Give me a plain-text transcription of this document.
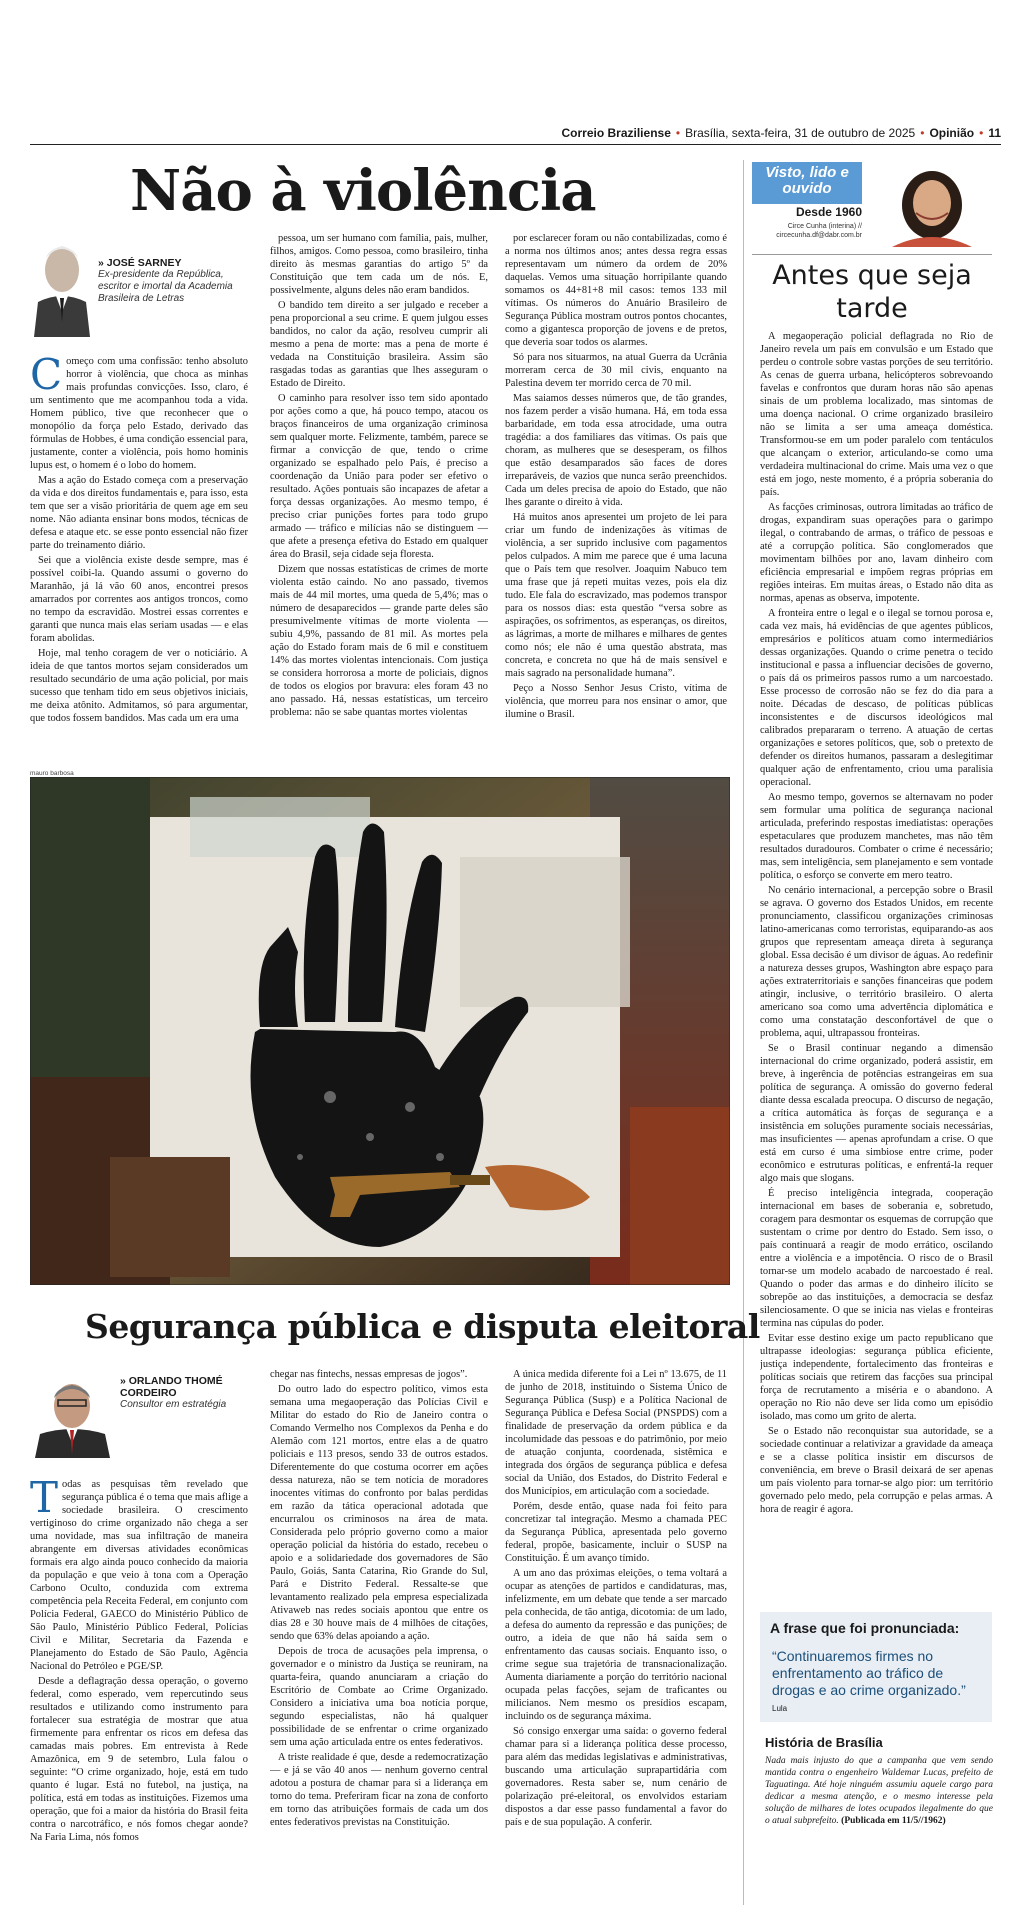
Correio Braziliense • Brasília, sexta-feira, 31 de outubro de 2025 • Opinião • 11
Não à violência
» JOSÉ SARNEY
Ex-presidente da República, escritor e imortal da Academia Brasileira de Letras
C omeço com uma confissão: tenho absoluto horror à violência, que choca as minhas mais profundas convicções. Isso, claro, é um sentimento que me acompanhou toda a vida. Homem público, tive que reconhecer que o monopólio da força pelo Estado, derivado das fórmulas de Hobbes, é uma condição essencial para, justamente, conter a violência, pois homo hominis lupus est, o homem é o lobo do homem.

Mas a ação do Estado começa com a preservação da vida e dos direitos fundamentais e, para isso, esta tem que ser a visão prioritária de quem age em seu nome. Não adianta ensinar bons modos, técnicas de defesa e ataque etc. se esse ponto essencial não fizer parte do treinamento diário.

Sei que a violência existe desde sempre, mas é possível coibi-la. Quando assumi o governo do Maranhão, já lá vão 60 anos, encontrei presos amarrados por correntes aos antigos troncos, como no tempo da escravidão. Mostrei essas correntes e garanti que nunca mais elas seriam usadas — e elas foram abolidas.

Hoje, mal tenho coragem de ver o noticiário. A ideia de que tantos mortos sejam considerados um resultado secundário de uma ação policial, por mais sucesso que tenham tido em seus objetivos iniciais, me deixa atônito. Admitamos, só para argumentar, que todos fossem bandidos. Mas cada um era uma

pessoa, um ser humano com família, pais, mulher, filhos, amigos. Como pessoa, como brasileiro, tinha direito às mesmas garantias do artigo 5º da Constituição que tem cada um de nós. E, possivelmente, alguns deles não eram bandidos.

O bandido tem direito a ser julgado e receber a pena proporcional a seu crime. E quem julgou esses bandidos, no calor da ação, resolveu cumprir ali mesmo a pena de morte: mas a pena de morte é vedada na Constituição brasileira. Assim são rasgadas todas as garantias que lhes asseguram o Estado de Direito.

O caminho para resolver isso tem sido apontado por ações como a que, há pouco tempo, atacou os braços financeiros de uma organização criminosa sem qualquer morte. Felizmente, também, parece se firmar a convicção de que, tendo o crime organizado se espalhado pelo País, é preciso a coordenação da União para poder ser efetivo o resultado. Ações pontuais são incapazes de afetar a força dessas organizações. Ao mesmo tempo, é preciso criar punições fortes para todo grupo armado — tráfico e milícias não se distinguem — que afete a presença efetiva do Estado em qualquer área do Brasil, seja cidade seja floresta.

Dizem que nossas estatísticas de crimes de morte violenta estão caindo. No ano passado, tivemos mais de 44 mil mortes, uma queda de 5,4%; mas o número de desaparecidos — grande parte deles são presumivelmente vítimas de morte violenta — subiu 4,9%, passando de 81 mil. As mortes pela ação do Estado foram mais de 6 mil e constituem 14% das mortes violentas intencionais. Com justiça se considera horrorosa a morte de policiais, dignos de todos os elogios por bravura: eles foram 43 no ano passado. Há, nessas estatísticas, um terceiro problema: não se sabe quantas mortes violentas

por esclarecer foram ou não contabilizadas, como é a norma nos últimos anos; antes dessa regra essas representavam um número da ordem de 20% daquelas. Vemos uma situação horripilante quando somamos os 44+81+8 mil casos: temos 133 mil vítimas. Os números do Anuário Brasileiro de Segurança Pública mostram outros pontos chocantes, como a gigantesca proporção de jovens e de pretos, que deveria soar todos os alarmes.

Só para nos situarmos, na atual Guerra da Ucrânia morreram cerca de 30 mil civis, enquanto na Palestina devem ter morrido cerca de 70 mil.

Mas saiamos desses números que, de tão grandes, nos fazem perder a visão humana. Há, em toda essa barbaridade, em toda essa atrocidade, uma outra tragédia: a dos familiares das vítimas. Os pais que choram, as mulheres que se desesperam, os filhos que estão desamparados são faces de dores irreparáveis, de vazios que nunca serão preenchidos. Cada um deles precisa de apoio do Estado, que não lhes garante o direito à vida.

Há muitos anos apresentei um projeto de lei para criar um fundo de indenizações às vítimas de violência, a ser suprido inclusive com pagamentos pelos culpados. A mim me parece que é uma lacuna que o País tem que resolver. Joaquim Nabuco tem uma frase que já repeti muitas vezes, pois ela diz tudo. Ele fala do escravizado, mas podemos transpor para os nossos dias: esta questão “versa sobre as aspirações, os sofrimentos, as esperanças, os direitos, as lágrimas, a morte de milhares e milhares de gentes como nós; ele não é uma questão abstrata, mas concreta, e concreta no que há de mais sensível e mais sagrado na personalidade humana”.

Peço a Nosso Senhor Jesus Cristo, vítima de violência, que morreu para nos ensinar o amor, que ilumine o Brasil.

mauro barbosa
Segurança pública e disputa eleitoral
» ORLANDO THOMÉ CORDEIRO
Consultor em estratégia
T odas as pesquisas têm revelado que segurança pública é o tema que mais aflige a sociedade brasileira. O crescimento vertiginoso do crime organizado não chega a ser uma novidade, mas sua infiltração de maneira abrangente em diversas atividades econômicas formais era algo ainda pouco conhecido da maioria da população e que veio à tona com a Operação Carbono Oculto, conduzida com extrema competência pela Receita Federal, em conjunto com Polícia Federal, GAECO do Ministério Público de São Paulo, Ministério Público Federal, Polícias Civil e Militar, Secretaria da Fazenda e Planejamento do Estado de São Paulo, Agência Nacional do Petróleo e PGE/SP.

Desde a deflagração dessa operação, o governo federal, como esperado, vem repercutindo seus resultados e utilizando como instrumento para fortalecer sua estratégia de mostrar que atua firmemente para enfrentar os ricos em defesa das camadas mais pobres. Em entrevista à Rede Amazônica, em 9 de setembro, Lula falou o seguinte: “O crime organizado, hoje, está em tudo quanto é lugar. Está no futebol, na justiça, na política, está em todas as instituições. Fizemos uma operação, que foi a maior da história do Brasil feita contra o narcotráfico, e nós fomos chegar aonde? Na Faria Lima, nós fomos

chegar nas fintechs, nessas empresas de jogos”.

Do outro lado do espectro político, vimos esta semana uma megaoperação das Polícias Civil e Militar do estado do Rio de Janeiro contra o Comando Vermelho nos Complexos da Penha e do Alemão com 121 mortos, entre elas a de quatro policiais e 113 presos, sendo 33 de outros estados. Diferentemente do que costuma ocorrer em ações dessa natureza, não se tem notícia de moradores inocentes vítimas do confronto por balas perdidas em razão da tática operacional adotada que encurralou os criminosos na área de mata. Considerada pelo próprio governo como a maior operação policial da história do estado, recebeu o apoio e a solidariedade dos governadores de São Paulo, Goiás, Santa Catarina, Rio Grande do Sul, Pará e Distrito Federal. Ressalte-se que levantamento realizado pela empresa especializada Ativaweb nas redes sociais apontou que entre os dias 28 e 30 houve mais de 4 milhões de citações, sendo que 63% delas apoiando a ação.

Depois de troca de acusações pela imprensa, o governador e o ministro da Justiça se reuniram, na quarta-feira, quando anunciaram a criação do Escritório de Combate ao Crime Organizado. Considero a iniciativa uma boa notícia porque, segundo especialistas, não há qualquer possibilidade de se enfrentar o crime organizado sem uma ação articulada entre os entes federativos.

A triste realidade é que, desde a redemocratização — e já se vão 40 anos — nenhum governo central adotou a postura de chamar para si a liderança em torno do tema. Preferiram ficar na zona de conforto em torno das atribuições formais de cada um dos entes federativos previstas na Constituição.

A única medida diferente foi a Lei nº 13.675, de 11 de junho de 2018, instituindo o Sistema Único de Segurança Pública (Susp) e a Política Nacional de Segurança Pública e Defesa Social (PNSPDS) com a finalidade de preservação da ordem pública e da incolumidade das pessoas e do patrimônio, por meio de atuação conjunta, coordenada, sistêmica e integrada dos órgãos de segurança pública e defesa social da União, dos Estados, do Distrito Federal e dos Municípios, em articulação com a sociedade.

Porém, desde então, quase nada foi feito para concretizar tal integração. Mesmo a chamada PEC da Segurança Pública, apresentada pelo governo federal, propõe, basicamente, incluir o SUSP na Constituição. É um avanço tímido.

A um ano das próximas eleições, o tema voltará a ocupar as atenções de partidos e candidaturas, mas, infelizmente, em um debate que tende a ser marcado pela conhecida, de tão antiga, dicotomia: de um lado, a defesa do aumento da repressão e das punições; de outro, a ideia de que não há saída sem o enfrentamento das causas sociais. Enquanto isso, o crime segue sua trajetória de transnacionalização. Aumenta diariamente a porção do território nacional ocupada pelas facções, sejam de traficantes ou milicianos. Nem mesmo os presídios escapam, incluindo os de segurança máxima.

Só consigo enxergar uma saída: o governo federal chamar para si a liderança política desse processo, para além das medidas legislativas e administrativas, buscando uma articulação suprapartidária com governadores. Resta saber se, num cenário de polarização pré-eleitoral, os envolvidos estariam dispostos a dar esse passo fundamental a favor do país e de sua população. A conferir.

Visto, lido e ouvido
Desde 1960
Circe Cunha (interina) //
circecunha.df@dabr.com.br
Antes que seja tarde

A megaoperação policial deflagrada no Rio de Janeiro revela um país em convulsão e um Estado que perdeu o controle sobre vastas porções de seu território. As cenas de guerra urbana, helicópteros sobrevoando favelas e confrontos que duram horas não são apenas sinais de um problema localizado, mas sintomas de uma doença nacional. O crime organizado brasileiro não se limita a ser uma ameaça doméstica. Transformou-se em um poder paralelo com tentáculos que alcançam o exterior, articulando-se como uma verdadeira multinacional do crime. Mais uma vez o que está em jogo, neste momento, é a própria soberania do país.

As facções criminosas, outrora limitadas ao tráfico de drogas, expandiram suas operações para o garimpo ilegal, o contrabando de armas, o tráfico de pessoas e até a corrupção política. São conglomerados que movimentam bilhões por ano, lavam dinheiro com eficiência empresarial e impõem regras próprias em regiões inteiras. Em muitas áreas, o Estado não dita as normas, apenas as observa, impotente.

A fronteira entre o legal e o ilegal se tornou porosa e, cada vez mais, há evidências de que agentes públicos, empresários e políticos atuam como intermediários dessas organizações. Quando o crime penetra o tecido institucional e passa a influenciar decisões de governo, o país dá os primeiros passos rumo a um narcoestado. Esse processo de corrosão não se fez do dia para a noite. Décadas de descaso, de políticas públicas inconsistentes e de discursos ideológicos mal calibrados prepararam o terreno. A atuação de certas organizações e setores políticos, que, sob o pretexto de defender os direitos humanos, passaram a deslegitimar qualquer ação de enfrentamento, criou uma paralisia operacional.

Ao mesmo tempo, governos se alternavam no poder sem formular uma política de segurança nacional articulada, preferindo respostas imediatistas: operações espetaculares que produzem manchetes, mas não têm resultados duradouros. Combater o crime é necessário; mas, sem inteligência, sem planejamento e sem vontade política, o esforço se converte em mero teatro.

No cenário internacional, a percepção sobre o Brasil se agrava. O governo dos Estados Unidos, em recente pronunciamento, classificou organizações criminosas latino-americanas como terroristas, equiparando-as aos grupos que representam ameaça direta à segurança global. Essa decisão é um divisor de águas. Ao redefinir a natureza desses grupos, Washington abre espaço para ações extraterritoriais e sanções financeiras que podem atingir, inclusive, o território brasileiro. O alerta americano soa como uma advertência diplomática e como uma constatação desconfortável de que o problema, aqui, ultrapassou fronteiras.

Se o Brasil continuar negando a dimensão internacional do crime organizado, poderá assistir, em breve, à ingerência de potências estrangeiras em sua política de segurança. A omissão do governo federal diante dessa escalada preocupa. O discurso de negação, a crítica automática às forças de segurança e a insistência em soluções puramente sociais necessárias, mas insuficientes — apenas aprofundam a crise. O que está em curso é uma simbiose entre crime, poder econômico e estruturas políticas, e enfrentá-la requer algo mais que slogans.

É preciso inteligência integrada, cooperação internacional em bases de soberania e, sobretudo, coragem para desmontar os esquemas de corrupção que sustentam o crime por dentro do Estado. Sem isso, o país continuará a reagir de modo errático, oscilando entre a violência e a impotência. O risco de o Brasil tornar-se um modelo acabado de narcoestado é real. Quando o poder das armas e do dinheiro ilícito se sobrepõe ao das instituições, a democracia se desfaz silenciosamente. O que se inicia nas vielas e fronteiras termina nas cúpulas do poder.

Evitar esse destino exige um pacto republicano que ultrapasse ideologias: segurança pública eficiente, justiça independente, fortalecimento das fronteiras e políticas sociais que retirem das facções sua principal força de recrutamento a miséria e o abandono. A operação no Rio não deve ser lida como um episódio isolado, mas como um grito de alerta.

Se o Estado não reconquistar sua autoridade, se a sociedade continuar a relativizar a gravidade da ameaça e se a classe política insistir em discursos de conveniência, em breve o Brasil deixará de ser apenas um país violento para tornar-se algo pior: um território governado pelo medo, pela corrupção e pelas armas. A hora de reagir é agora.

A frase que foi pronunciada:
“Continuaremos firmes no enfrentamento ao tráfico de drogas e ao crime organizado.”
Lula
História de Brasília
Nada mais injusto do que a campanha que vem sendo mantida contra o engenheiro Waldemar Lucas, prefeito de Taguatinga. Até hoje ninguém assumiu aquele cargo para dedicar a mesma atenção, e o mesmo interesse pela solução de milhares de lotes ocupados ilegalmente do que o atual subprefeito. (Publicada em 11/5//1962)
